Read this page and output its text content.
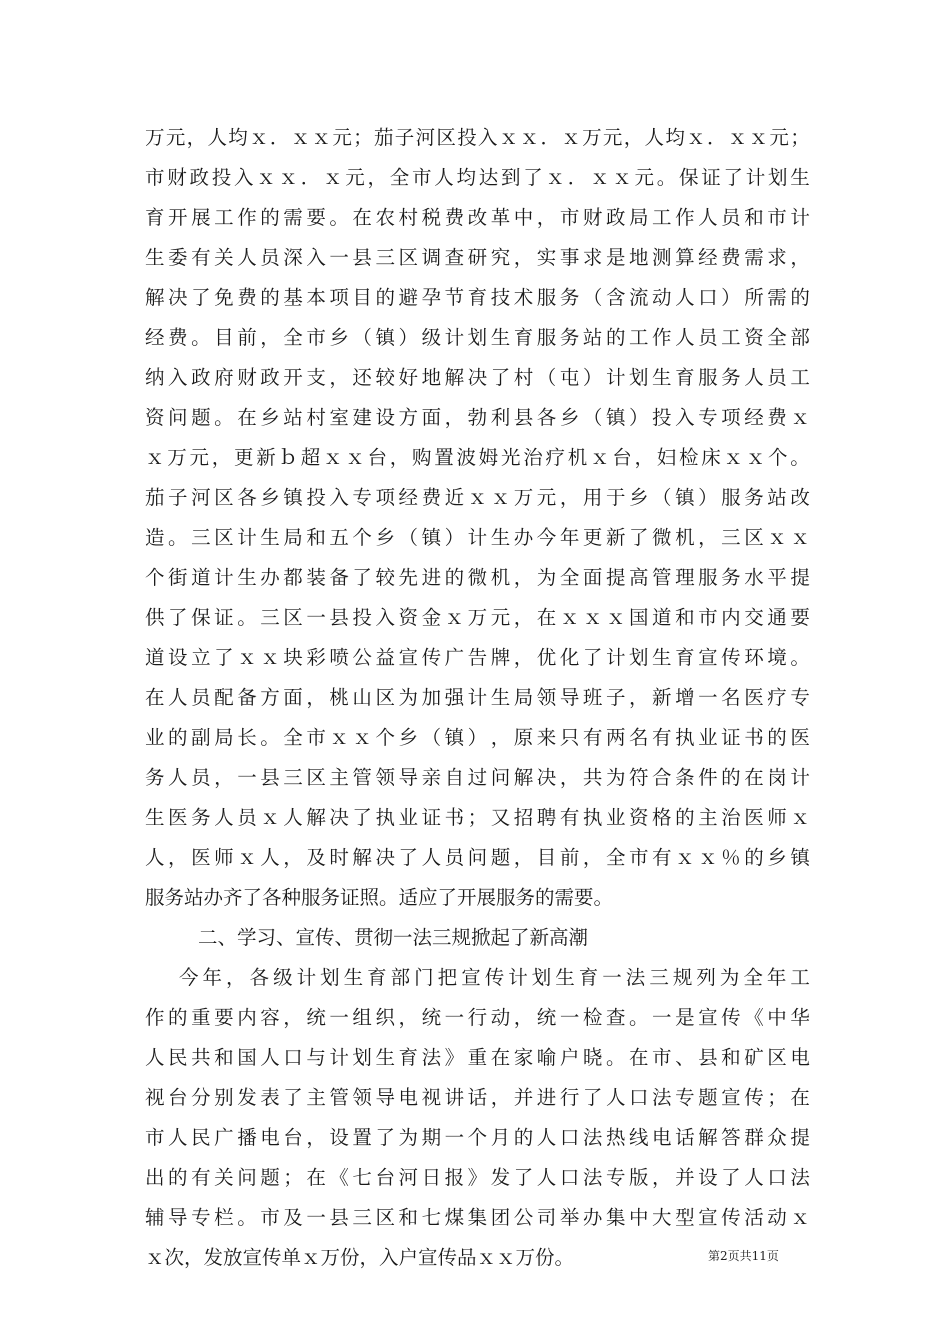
万 元 ， 人 均 ｘ ． ｘ ｘ 元 ； 茄 子 河 区 投 入 ｘ ｘ ． ｘ 万 元 ， 人 均 ｘ ． ｘ ｘ 元 ；
市 财 政 投 入 ｘ ｘ ． ｘ 元 ， 全 市 人 均 达 到 了 ｘ ． ｘ ｘ 元 。 保 证 了 计 划 生
育 开 展 工 作 的 需 要 。 在 农 村 税 费 改 革 中 ， 市 财 政 局 工 作 人 员 和 市 计
生 委 有 关 人 员 深 入 一 县 三 区 调 查 研 究 ， 实 事 求 是 地 测 算 经 费 需 求 ，
解 决 了 免 费 的 基 本 项 目 的 避 孕 节 育 技 术 服 务 （ 含 流 动 人 口 ） 所 需 的
经 费 。 目 前 ， 全 市 乡 （ 镇 ） 级 计 划 生 育 服 务 站 的 工 作 人 员 工 资 全 部
纳 入 政 府 财 政 开 支 ， 还 较 好 地 解 决 了 村 （ 屯 ） 计 划 生 育 服 务 人 员 工
资 问 题 。 在 乡 站 村 室 建 设 方 面 ， 勃 利 县 各 乡 （ 镇 ） 投 入 专 项 经 费 ｘ
ｘ 万 元 ， 更 新 ｂ 超 ｘ ｘ 台 ， 购 置 波 姆 光 治 疗 机 ｘ 台 ， 妇 检 床 ｘ ｘ 个 。
茄 子 河 区 各 乡 镇 投 入 专 项 经 费 近 ｘ ｘ 万 元 ， 用 于 乡 （ 镇 ） 服 务 站 改
造 。 三 区 计 生 局 和 五 个 乡 （ 镇 ） 计 生 办 今 年 更 新 了 微 机 ， 三 区 ｘ ｘ
个 街 道 计 生 办 都 装 备 了 较 先 进 的 微 机 ， 为 全 面 提 高 管 理 服 务 水 平 提
供 了 保 证 。 三 区 一 县 投 入 资 金 ｘ 万 元 ， 在 ｘ ｘ ｘ 国 道 和 市 内 交 通 要
道 设 立 了 ｘ ｘ 块 彩 喷 公 益 宣 传 广 告 牌 ， 优 化 了 计 划 生 育 宣 传 环 境 。
在 人 员 配 备 方 面 ， 桃 山 区 为 加 强 计 生 局 领 导 班 子 ， 新 增 一 名 医 疗 专
业 的 副 局 长 。 全 市 ｘ ｘ 个 乡 （ 镇 ） ， 原 来 只 有 两 名 有 执 业 证 书 的 医
务 人 员 ， 一 县 三 区 主 管 领 导 亲 自 过 问 解 决 ， 共 为 符 合 条 件 的 在 岗 计
生 医 务 人 员 ｘ 人 解 决 了 执 业 证 书 ； 又 招 聘 有 执 业 资 格 的 主 治 医 师 ｘ
人 ， 医 师 ｘ 人 ， 及 时 解 决 了 人 员 问 题 ， 目 前 ， 全 市 有 ｘ ｘ ％ 的 乡 镇
服务站办齐了各种服务证照。适应了开展服务的需要。
二、学习、宣传、贯彻一法三规掀起了新高潮
今 年 ， 各 级 计 划 生 育 部 门 把 宣 传 计 划 生 育 一 法 三 规 列 为 全 年 工
作 的 重 要 内 容 ， 统 一 组 织 ， 统 一 行 动 ， 统 一 检 查 。 一 是 宣 传 《 中 华
人 民 共 和 国 人 口 与 计 划 生 育 法 》 重 在 家 喻 户 晓 。 在 市 、 县 和 矿 区 电
视 台 分 别 发 表 了 主 管 领 导 电 视 讲 话 ， 并 进 行 了 人 口 法 专 题 宣 传 ； 在
市 人 民 广 播 电 台 ， 设 置 了 为 期 一 个 月 的 人 口 法 热 线 电 话 解 答 群 众 提
出 的 有 关 问 题 ； 在 《 七 台 河 日 报 》 发 了 人 口 法 专 版 ， 并 设 了 人 口 法
辅 导 专 栏 。 市 及 一 县 三 区 和 七 煤 集 团 公 司 举 办 集 中 大 型 宣 传 活 动 ｘ
ｘ次，发放宣传单ｘ万份，入户宣传品ｘｘ万份。	第2页共11页
